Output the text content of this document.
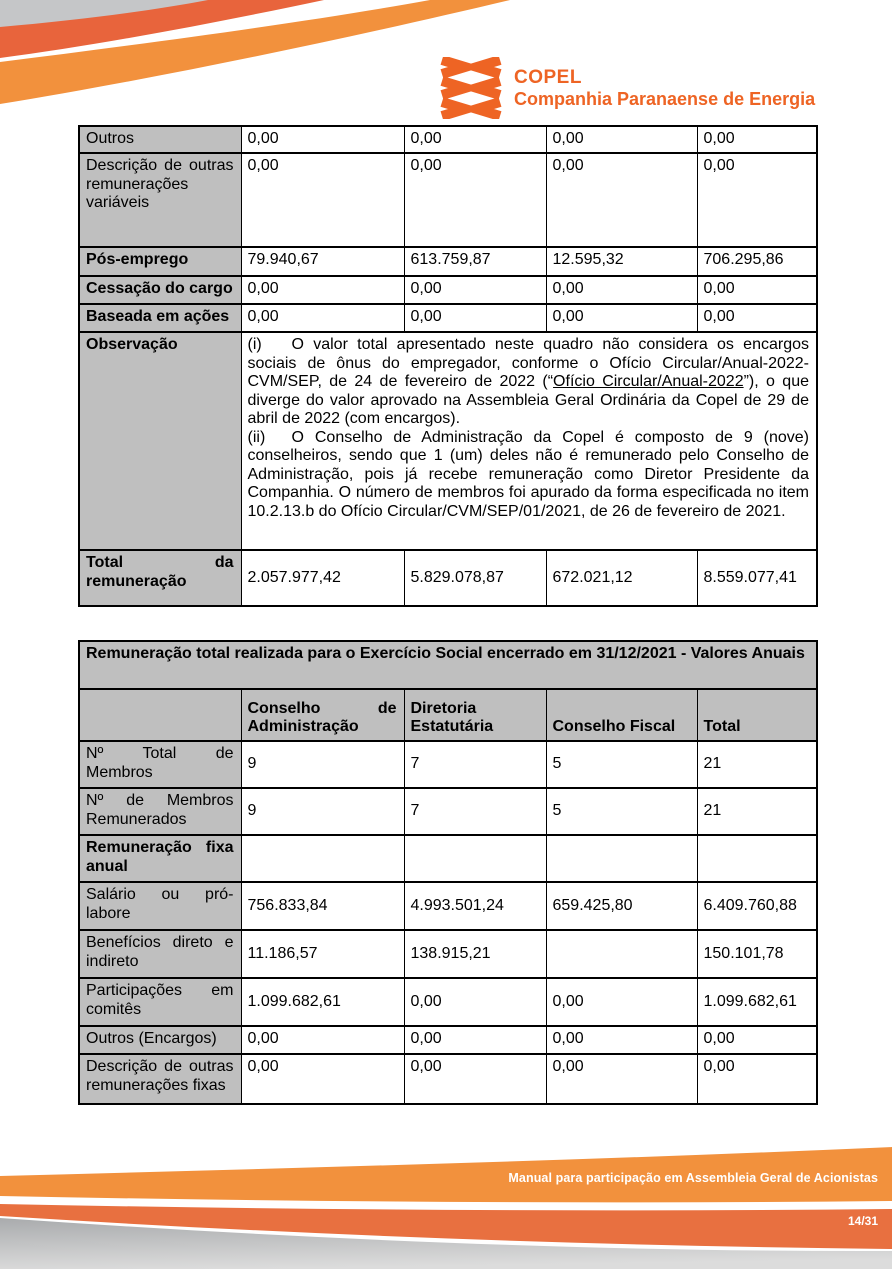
COPEL
Companhia Paranaense de Energia
Outros	0,00	0,00	0,00	0,00
Descrição de outras remunerações variáveis	0,00	0,00	0,00	0,00
Pós-emprego	79.940,67	613.759,87	12.595,32	706.295,86
Cessação do cargo	0,00	0,00	0,00	0,00
Baseada em ações	0,00	0,00	0,00	0,00
Observação	(i) O valor total apresentado neste quadro não considera os encargos sociais de ônus do empregador, conforme o Ofício Circular/Anual-2022-CVM/SEP, de 24 de fevereiro de 2022 (“Ofício Circular/Anual-2022”), o que diverge do valor aprovado na Assembleia Geral Ordinária da Copel de 29 de abril de 2022 (com encargos).

(ii) O Conselho de Administração da Copel é composto de 9 (nove) conselheiros, sendo que 1 (um) deles não é remunerado pelo Conselho de Administração, pois já recebe remuneração como Diretor Presidente da Companhia. O número de membros foi apurado da forma especificada no item 10.2.13.b do Ofício Circular/CVM/SEP/01/2021, de 26 de fevereiro de 2021.			

Total da remuneração	2.057.977,42	5.829.078,87	672.021,12	8.559.077,41
Remuneração total realizada para o Exercício Social encerrado em 31/12/2021 - Valores Anuais				
	Conselho de Administração	Diretoria Estatutária	Conselho Fiscal	Total
Nº Total de Membros	9	7	5	21
Nº de Membros Remunerados	9	7	5	21
Remuneração fixa anual				
Salário ou pró-labore	756.833,84	4.993.501,24	659.425,80	6.409.760,88
Benefícios direto e indireto	11.186,57	138.915,21		150.101,78
Participações em comitês	1.099.682,61	0,00	0,00	1.099.682,61
Outros (Encargos)	0,00	0,00	0,00	0,00
Descrição de outras remunerações fixas	0,00	0,00	0,00	0,00
Manual para participação em Assembleia Geral de Acionistas
14/31
